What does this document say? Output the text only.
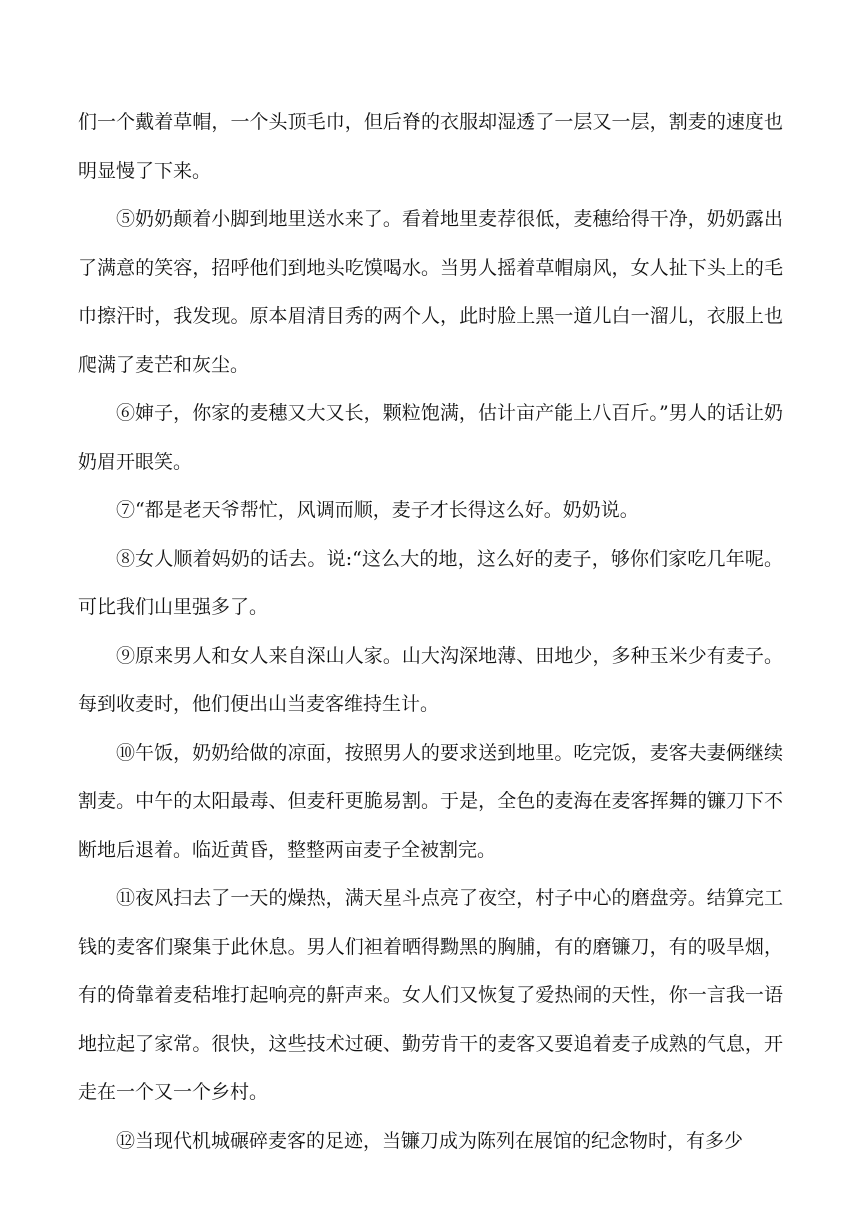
们一个戴着草帽，一个头顶毛巾，但后脊的衣服却湿透了一层又一层，割麦的速度也明显慢了下来。

⑤奶奶颠着小脚到地里送水来了。看着地里麦荐很低，麦穗给得干净，奶奶露出了满意的笑容，招呼他们到地头吃馍喝水。当男人摇着草帽扇风，女人扯下头上的毛巾擦汗时，我发现。原本眉清目秀的两个人，此时脸上黑一道儿白一溜儿，衣服上也爬满了麦芒和灰尘。

⑥婶子，你家的麦穗又大又长，颗粒饱满，估计亩产能上八百斤。”男人的话让奶奶眉开眼笑。

⑦“都是老天爷帮忙，风调而顺，麦子才长得这么好。奶奶说。

⑧女人顺着妈奶的话去。说:“这么大的地，这么好的麦子，够你们家吃几年呢。可比我们山里强多了。

⑨原来男人和女人来自深山人家。山大沟深地薄、田地少，多种玉米少有麦子。每到收麦时，他们便出山当麦客维持生计。

⑩午饭，奶奶给做的凉面，按照男人的要求送到地里。吃完饭，麦客夫妻俩继续割麦。中午的太阳最毒、但麦秆更脆易割。于是，全色的麦海在麦客挥舞的镰刀下不断地后退着。临近黄昏，整整两亩麦子全被割完。

⑪夜风扫去了一天的燥热，满天星斗点亮了夜空，村子中心的磨盘旁。结算完工钱的麦客们聚集于此休息。男人们袒着晒得黝黑的胸脯，有的磨镰刀，有的吸旱烟，有的倚靠着麦秸堆打起响亮的鼾声来。女人们又恢复了爱热闹的天性，你一言我一语地拉起了家常。很快，这些技术过硬、勤劳肯干的麦客又要追着麦子成熟的气息，开走在一个又一个乡村。

⑫当现代机城碾碎麦客的足迹，当镰刀成为陈列在展馆的纪念物时，有多少
